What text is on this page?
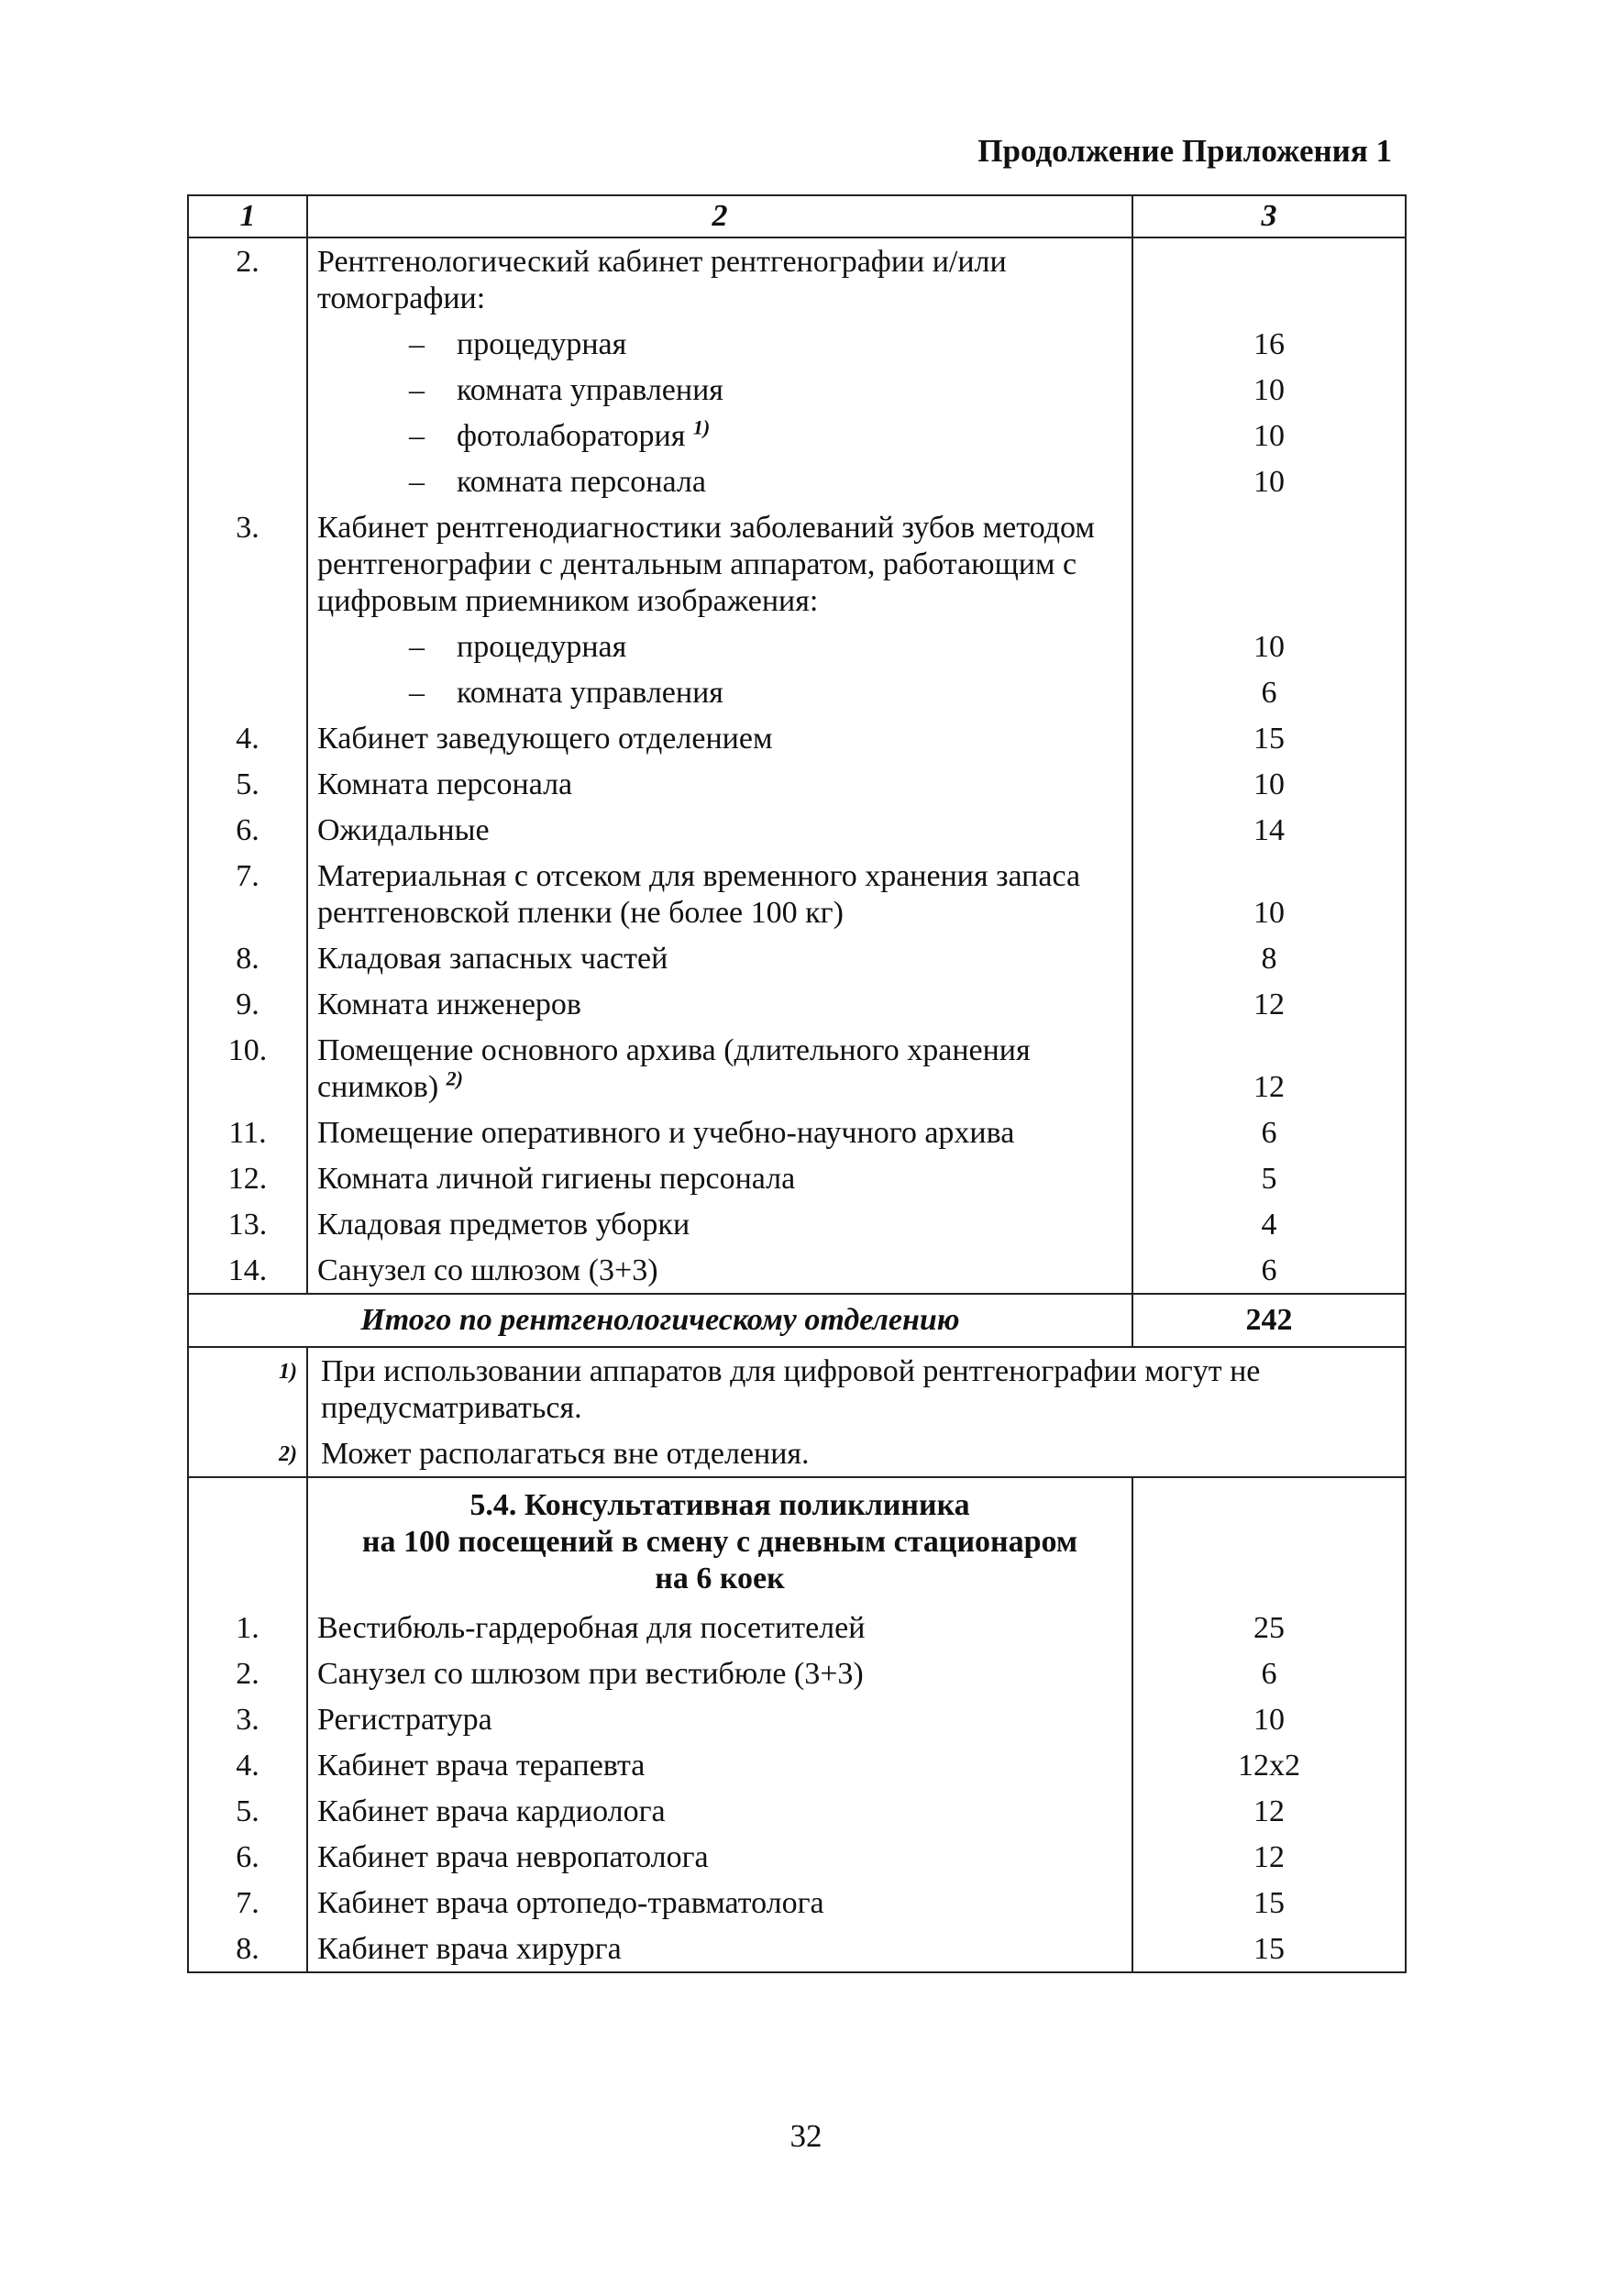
Продолжение Приложения 1
1	2	3
2.	Рентгенологический кабинет рентгенографии и/или томографии:	
	– процедурная	16
	– комната управления	10
	– фотолаборатория $^{1)}$	10
	– комната персонала	10
3.	Кабинет рентгенодиагностики заболеваний зубов методом рентгенографии с дентальным аппаратом, работающим с цифровым приемником изображения:	
	– процедурная	10
	– комната управления	6
4.	Кабинет заведующего отделением	15
5.	Комната персонала	10
6.	Ожидальные	14
7.	Материальная с отсеком для временного хранения запаса рентгеновской пленки (не более 100 кг)	10
8.	Кладовая запасных частей	8
9.	Комната инженеров	12
10.	Помещение основного архива (длительного хранения снимков) $^{2)}$	12
11.	Помещение оперативного и учебно-научного архива	6
12.	Комната личной гигиены персонала	5
13.	Кладовая предметов уборки	4
14.	Санузел со шлюзом (3+3)	6
Итого по рентгенологическому отделению		242
1)	При использовании аппаратов для цифровой рентгенографии могут не предусматриваться.	
2)	Может располагаться вне отделения.	

	5.4. Консультативная поликлиника
на 100 посещений в смену с дневным стационаром
на 6 коек	

1.	Вестибюль-гардеробная для посетителей	25
2.	Санузел со шлюзом при вестибюле (3+3)	6
3.	Регистратура	10
4.	Кабинет врача терапевта	12х2
5.	Кабинет врача кардиолога	12
6.	Кабинет врача невропатолога	12
7.	Кабинет врача ортопедо-травматолога	15
8.	Кабинет врача хирурга	15
32
